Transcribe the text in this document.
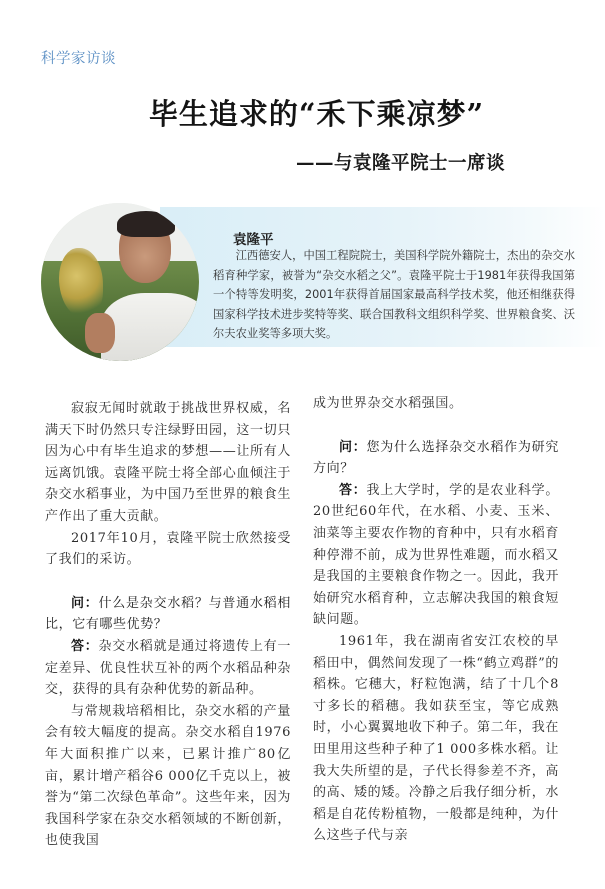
科学家访谈
毕生追求的“禾下乘凉梦”
——与袁隆平院士一席谈
袁隆平
江西德安人，中国工程院院士，美国科学院外籍院士，杰出的杂交水稻育种学家，被誉为“杂交水稻之父”。袁隆平院士于1981年获得我国第一个特等发明奖，2001年获得首届国家最高科学技术奖，他还相继获得国家科学技术进步奖特等奖、联合国教科文组织科学奖、世界粮食奖、沃尔夫农业奖等多项大奖。

寂寂无闻时就敢于挑战世界权威，名满天下时仍然只专注绿野田园，这一切只因为心中有毕生追求的梦想——让所有人远离饥饿。袁隆平院士将全部心血倾注于杂交水稻事业，为中国乃至世界的粮食生产作出了重大贡献。

2017年10月，袁隆平院士欣然接受了我们的采访。

问：什么是杂交水稻？与普通水稻相比，它有哪些优势？

答：杂交水稻就是通过将遗传上有一定差异、优良性状互补的两个水稻品种杂交，获得的具有杂种优势的新品种。

与常规栽培稻相比，杂交水稻的产量会有较大幅度的提高。杂交水稻自1976年大面积推广以来，已累计推广80亿亩，累计增产稻谷6 000亿千克以上，被誉为“第二次绿色革命”。这些年来，因为我国科学家在杂交水稻领域的不断创新，也使我国

成为世界杂交水稻强国。

问：您为什么选择杂交水稻作为研究方向？

答：我上大学时，学的是农业科学。20世纪60年代，在水稻、小麦、玉米、油菜等主要农作物的育种中，只有水稻育种停滞不前，成为世界性难题，而水稻又是我国的主要粮食作物之一。因此，我开始研究水稻育种，立志解决我国的粮食短缺问题。

1961年，我在湖南省安江农校的早稻田中，偶然间发现了一株“鹤立鸡群”的稻株。它穗大，籽粒饱满，结了十几个8寸多长的稻穗。我如获至宝，等它成熟时，小心翼翼地收下种子。第二年，我在田里用这些种子种了1 000多株水稻。让我大失所望的是，子代长得参差不齐，高的高、矮的矮。冷静之后我仔细分析，水稻是自花传粉植物，一般都是纯种，为什么这些子代与亲
